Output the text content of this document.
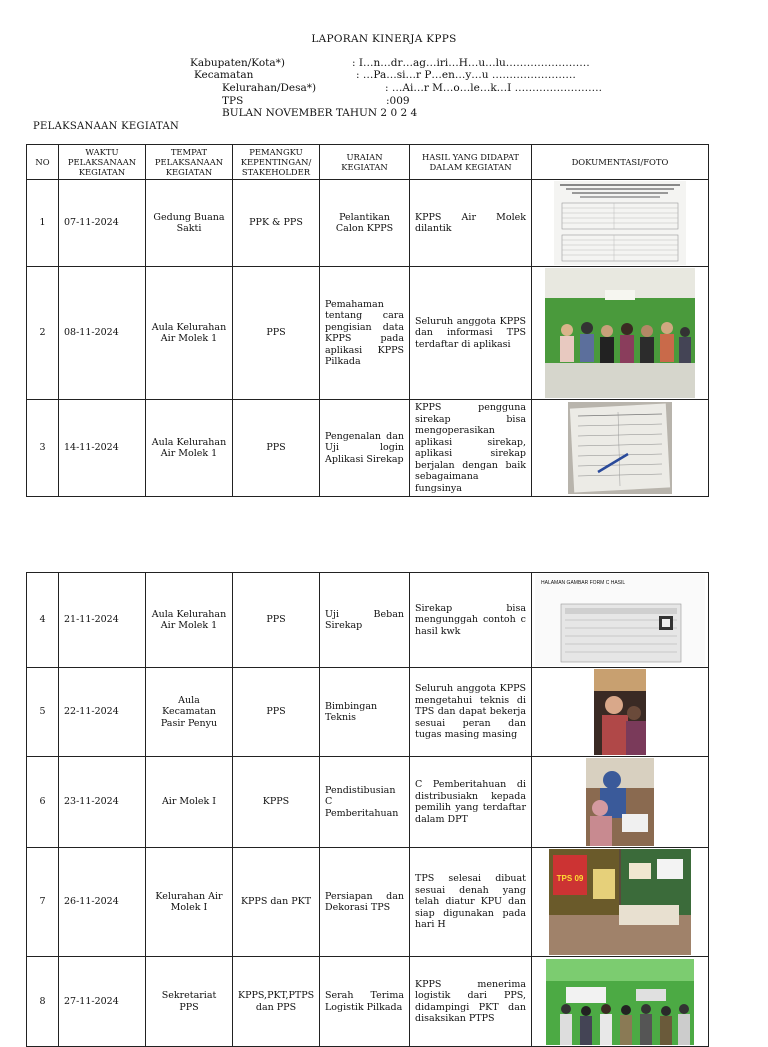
LAPORAN KINERJA KPPS
Kabupaten/Kota*)	: I…n…dr…ag…iri…H…u…lu……………………
Kecamatan	: …Pa…si…r P…en…y…u ……………………
Kelurahan/Desa*)	: …Ai…r M…o…le…k…I …………………….
TPS	:009
BULAN NOVEMBER TAHUN 2 0 2 4
PELAKSANAAN KEGIATAN
NO	WAKTU PELAKSANAAN KEGIATAN	TEMPAT PELAKSANAAN KEGIATAN	PEMANGKU KEPENTINGAN/ STAKEHOLDER	URAIAN KEGIATAN	HASIL YANG DIDAPAT DALAM KEGIATAN	DOKUMENTASI/FOTO
1	07-11-2024	Gedung Buana Sakti	PPK & PPS	Pelantikan Calon KPPS	KPPS Air Molek dilantik	

2	08-11-2024	Aula Kelurahan Air Molek 1	PPS	Pemahaman tentang cara pengisian data KPPS pada aplikasi KPPS Pilkada	Seluruh anggota KPPS dan informasi TPS terdaftar di aplikasi	

3	14-11-2024	Aula Kelurahan Air Molek 1	PPS	Pengenalan dan Uji login Aplikasi Sirekap	KPPS pengguna sirekap bisa mengoperasikan aplikasi sirekap, aplikasi sirekap berjalan dengan baik sebagaimana fungsinya	
4	21-11-2024	Aula Kelurahan Air Molek 1	PPS	Uji Beban Sirekap	Sirekap bisa mengunggah contoh c hasil kwk	HALAMAN GAMBAR FORM C HASIL

5	22-11-2024	Aula Kecamatan Pasir Penyu	PPS	Bimbingan Teknis	Seluruh anggota KPPS mengetahui teknis di TPS dan dapat bekerja sesuai peran dan tugas masing masing	

6	23-11-2024	Air Molek I	KPPS	Pendistibusian C Pemberitahuan	C Pemberitahuan di distribusiakn kepada pemilih yang terdaftar dalam DPT	

7	26-11-2024	Kelurahan Air Molek I	KPPS dan PKT	Persiapan dan Dekorasi TPS	TPS selesai dibuat sesuai denah yang telah diatur KPU dan siap digunakan pada hari H	TPS 09

8	27-11-2024	Sekretariat PPS	KPPS,PKT,PTPS dan PPS	Serah Terima Logistik Pilkada	KPPS menerima logistik dari PPS, didampingi PKT dan disaksikan PTPS	
